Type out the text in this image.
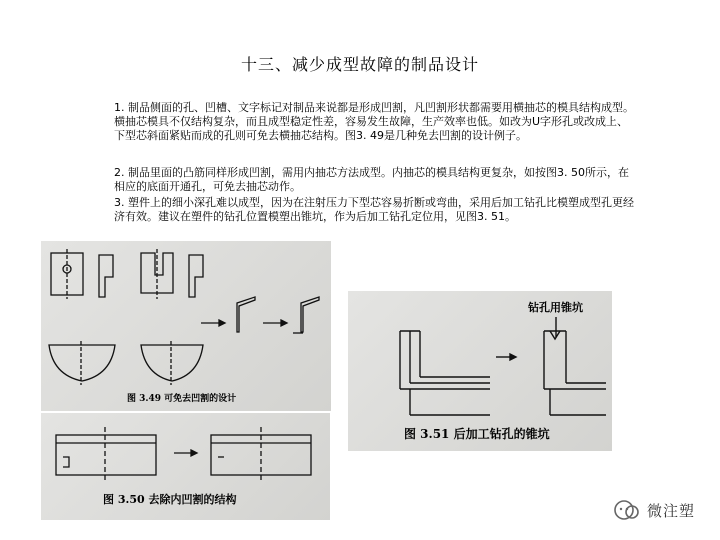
十三、减少成型故障的制品设计

1. 制品侧面的孔、凹槽、文字标记对制品来说都是形成凹割，凡凹割形状都需要用横抽芯的模具结构成型。横抽芯模具不仅结构复杂，而且成型稳定性差，容易发生故障，生产效率也低。如改为U字形孔或改成上、下型芯斜面紧贴而成的孔则可免去横抽芯结构。图3. 49是几种免去凹割的设计例子。

2. 制品里面的凸筋同样形成凹割，需用内抽芯方法成型。内抽芯的模具结构更复杂，如按图3. 50所示，在相应的底面开通孔，可免去抽芯动作。

3. 塑件上的细小深孔难以成型，因为在注射压力下型芯容易折断或弯曲，采用后加工钻孔比模塑成型孔更经济有效。建议在塑件的钻孔位置模塑出锥坑，作为后加工钻孔定位用，见图3. 51。

图 3.49 可免去凹割的设计
图 3.50 去除内凹割的结构
钻孔用锥坑
图 3.51 后加工钻孔的锥坑
微注塑
